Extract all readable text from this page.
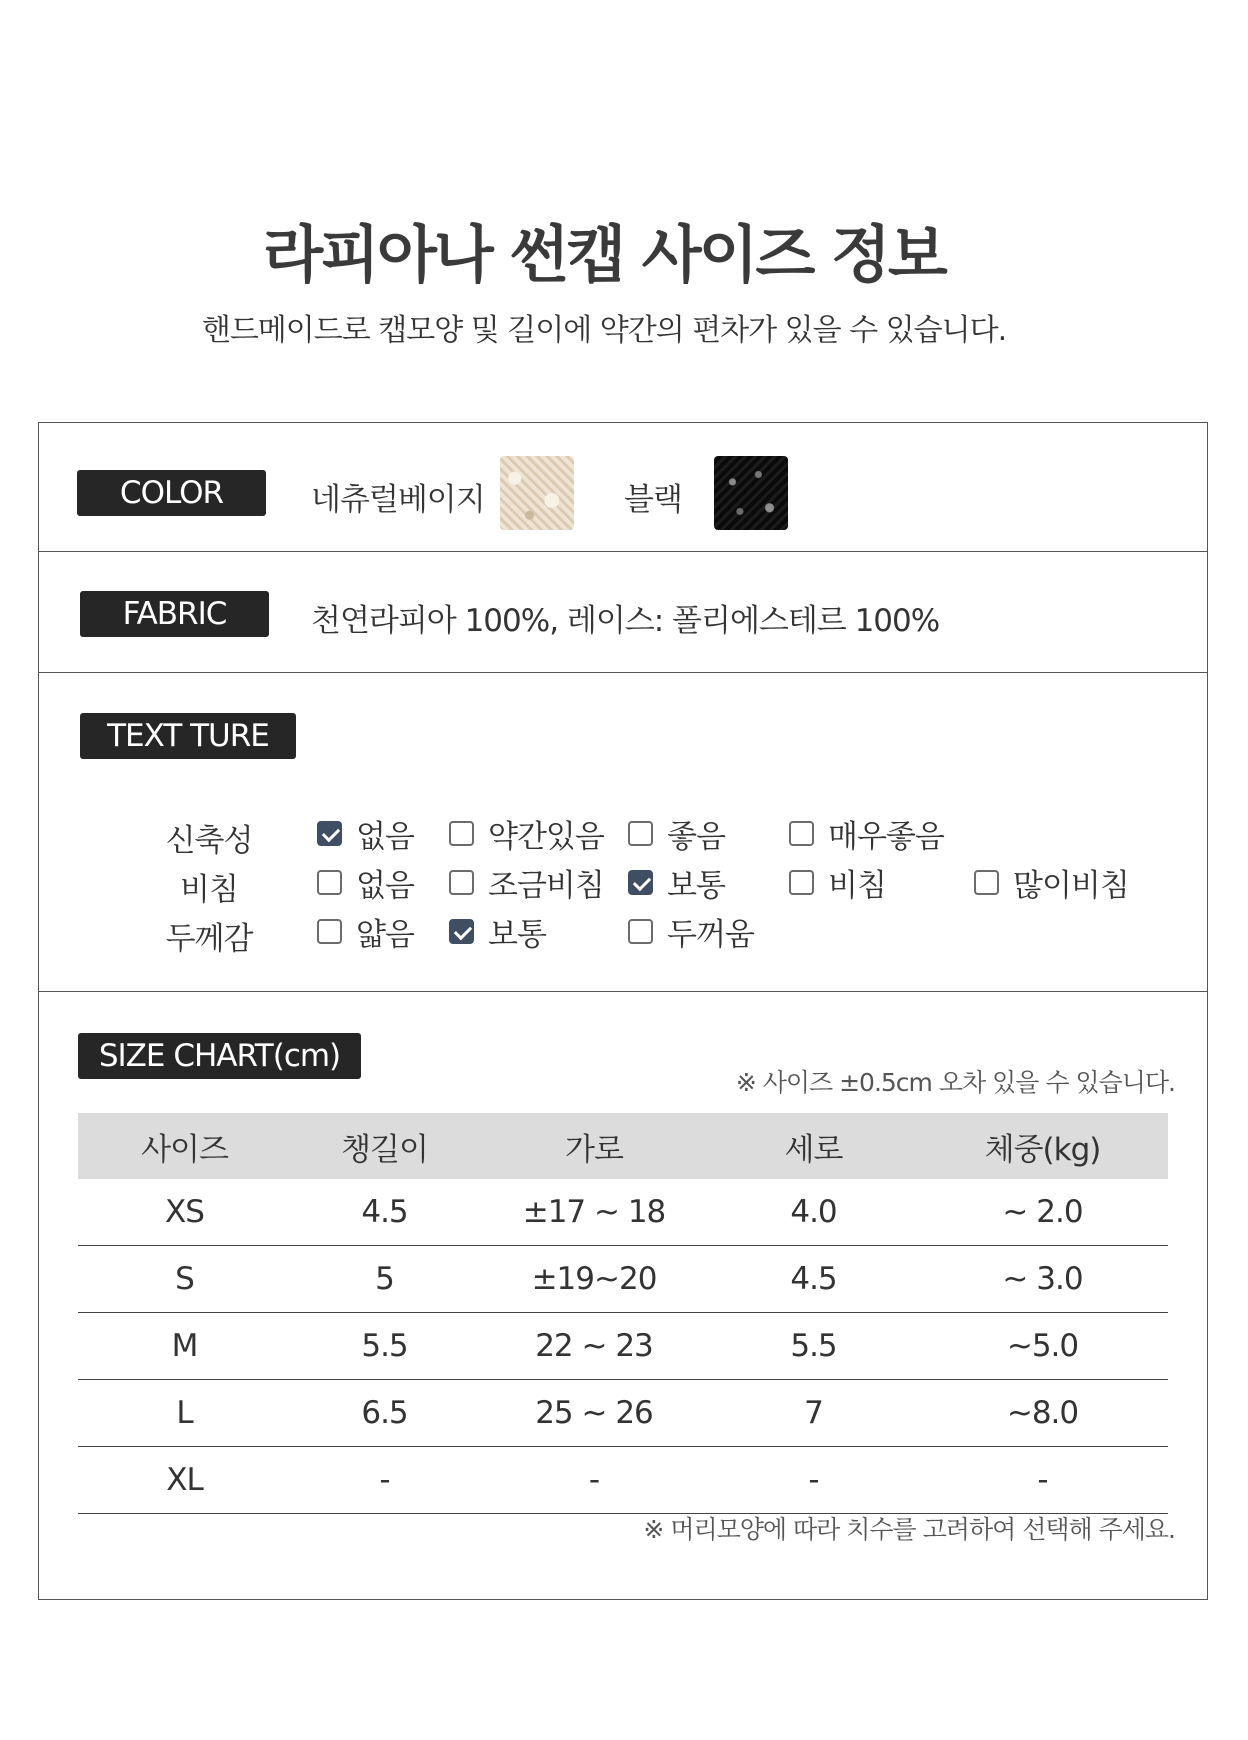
라피아나 썬캡 사이즈 정보

핸드메이드로 캡모양 및 길이에 약간의 편차가 있을 수 있습니다.

COLOR	네츄럴베이지	블랙
FABRIC	천연라피아 100%, 레이스: 폴리에스테르 100%
TEXT TURE
신축성	없음 약간있음 좋음	매우좋음
비침	없음 조금비침 보통	비침	많이비침
두께감	얇음 보통	두꺼움
SIZE CHART(cm)
※ 사이즈 ±0.5cm 오차 있을 수 있습니다.
사이즈	챙길이	가로	세로	체중(kg)
XS	4.5	±17 ~ 18	4.0	~ 2.0
S	5	±19~20	4.5	~ 3.0
M	5.5	22 ~ 23	5.5	~5.0
L	6.5	25 ~ 26	7	~8.0
XL	-	-	-	-
※ 머리모양에 따라 치수를 고려하여 선택해 주세요.
